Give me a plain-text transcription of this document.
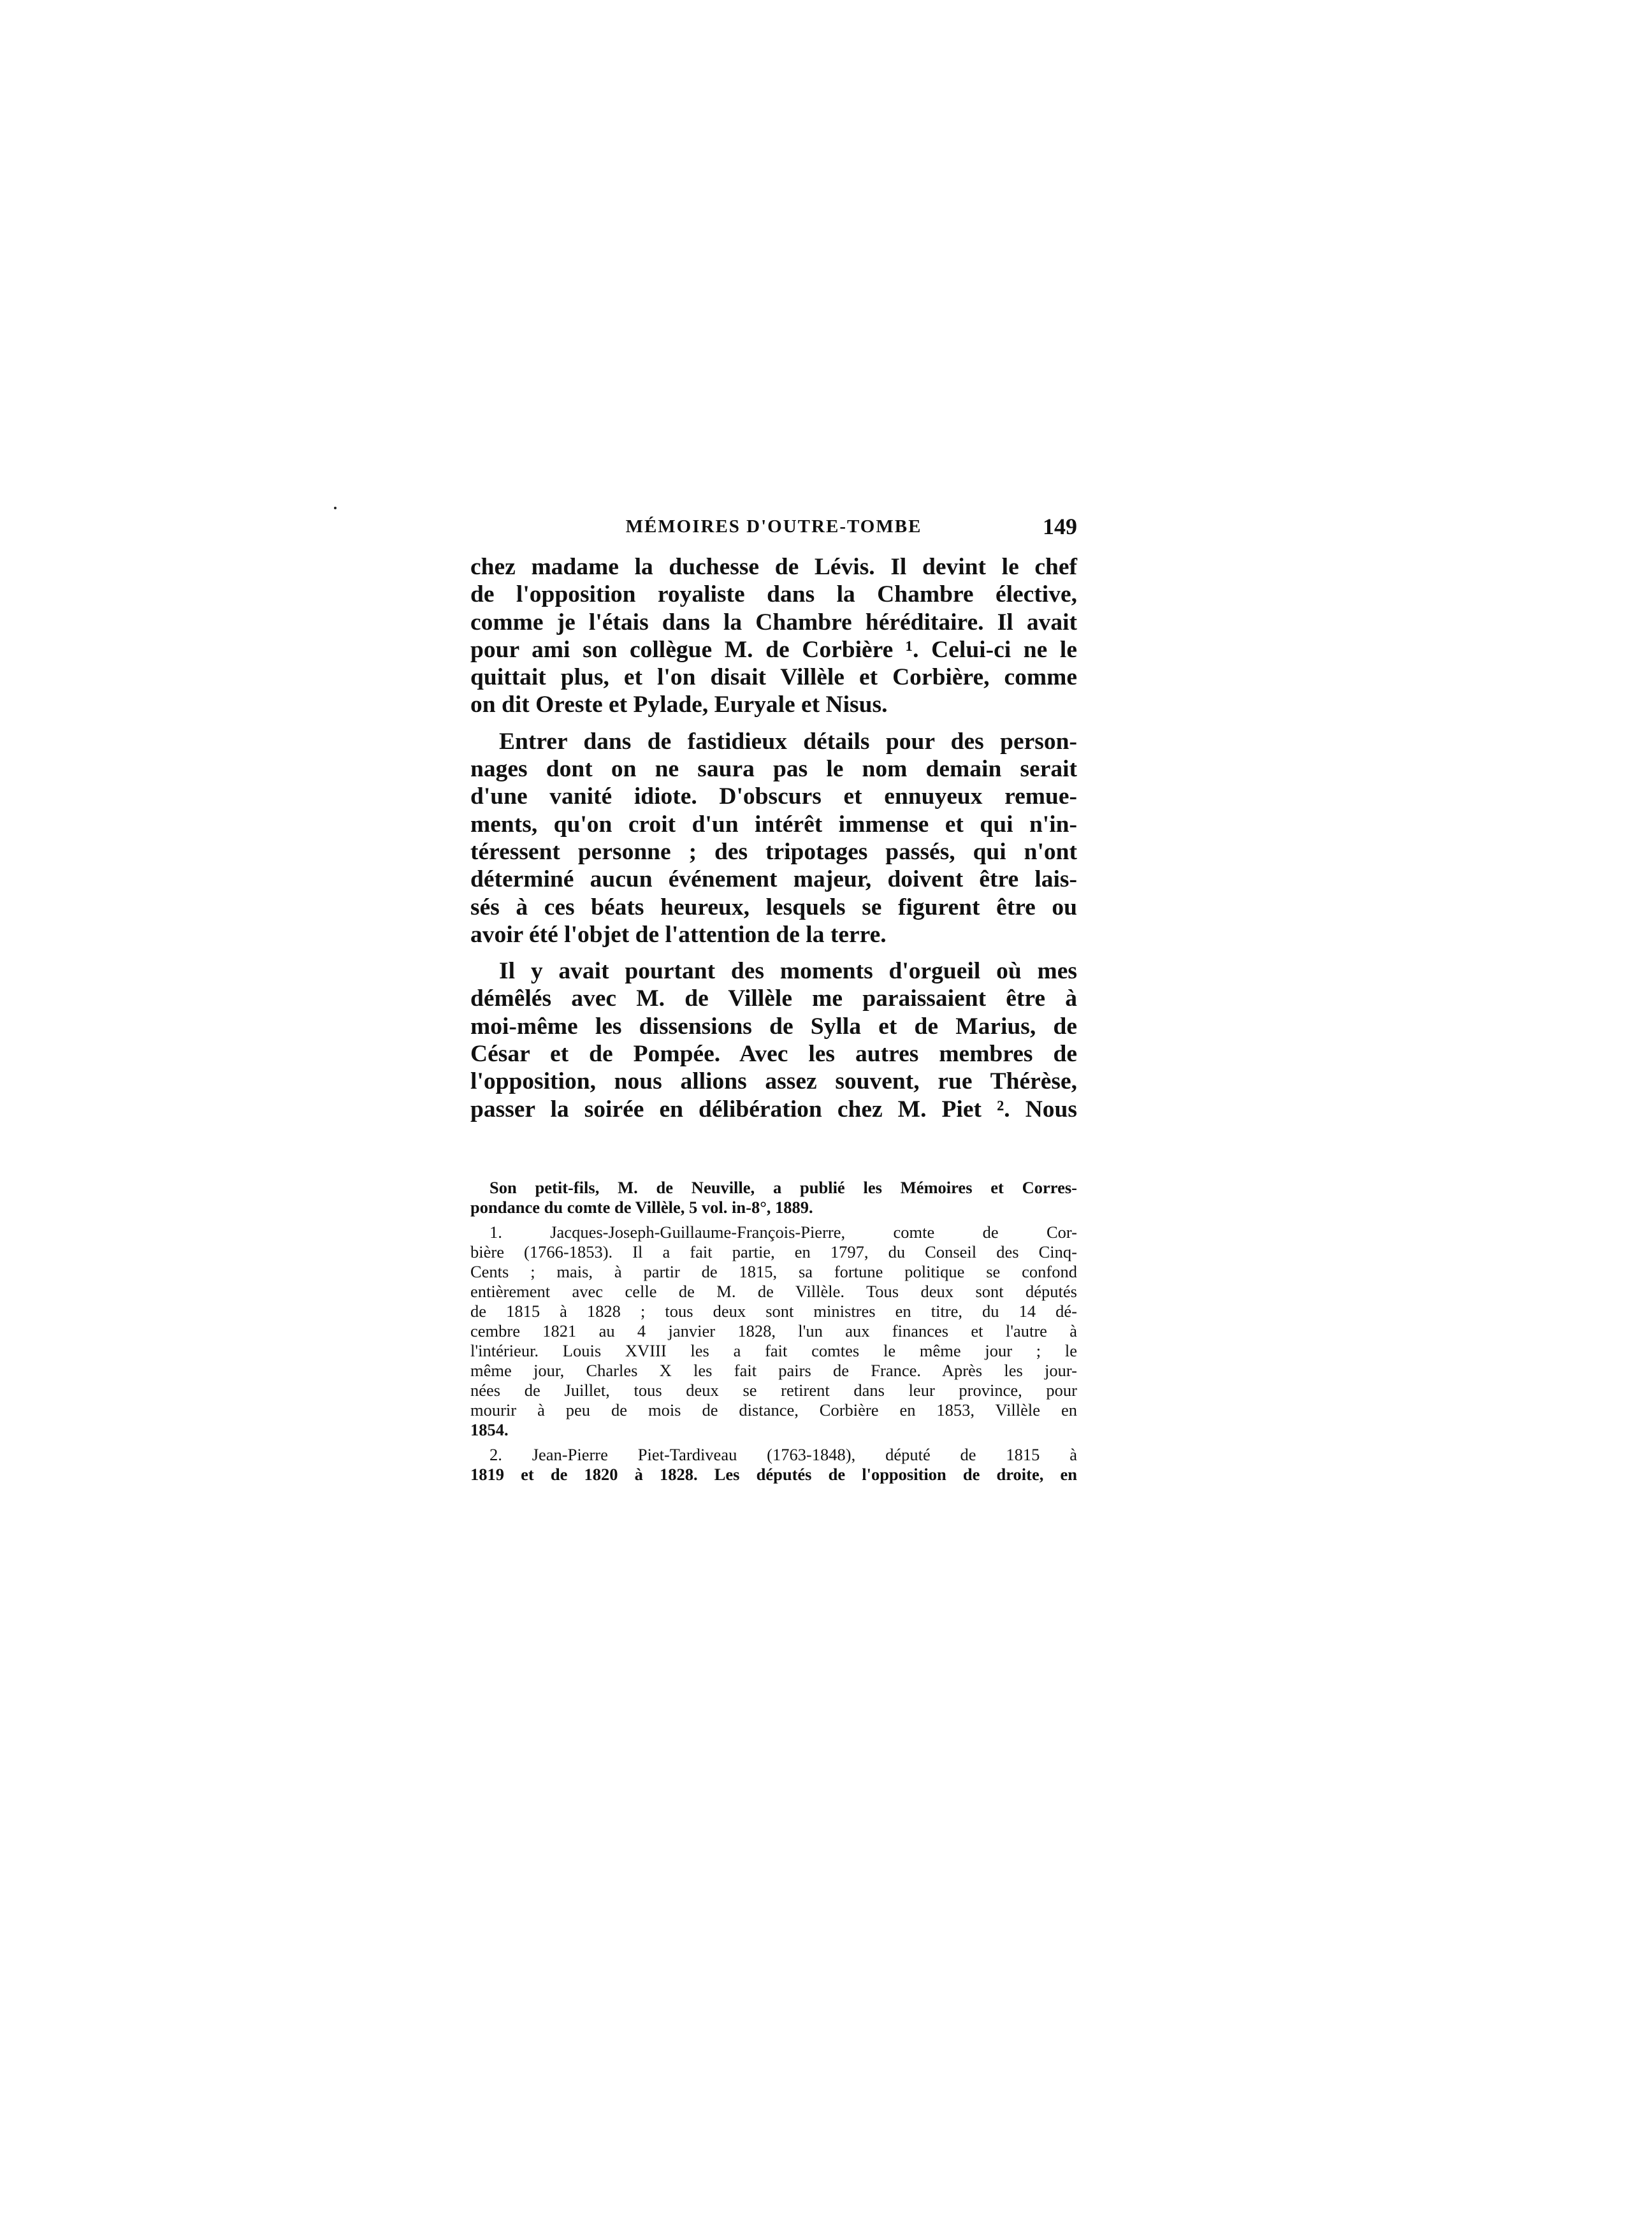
MÉMOIRES D'OUTRE-TOMBE	149
chez madame la duchesse de Lévis. Il devint le chef
de l'opposition royaliste dans la Chambre élective,
comme je l'étais dans la Chambre héréditaire. Il avait
pour ami son collègue M. de Corbière ¹. Celui-ci ne le
quittait plus, et l'on disait Villèle et Corbière, comme
on dit Oreste et Pylade, Euryale et Nisus.
Entrer dans de fastidieux détails pour des person-
nages dont on ne saura pas le nom demain serait
d'une vanité idiote. D'obscurs et ennuyeux remue-
ments, qu'on croit d'un intérêt immense et qui n'in-
téressent personne ; des tripotages passés, qui n'ont
déterminé aucun événement majeur, doivent être lais-
sés à ces béats heureux, lesquels se figurent être ou
avoir été l'objet de l'attention de la terre.
Il y avait pourtant des moments d'orgueil où mes
démêlés avec M. de Villèle me paraissaient être à
moi-même les dissensions de Sylla et de Marius, de
César et de Pompée. Avec les autres membres de
l'opposition, nous allions assez souvent, rue Thérèse,
passer la soirée en délibération chez M. Piet ². Nous
Son petit-fils, M. de Neuville, a publié les Mémoires et Corres-
pondance du comte de Villèle, 5 vol. in-8°, 1889.
1. Jacques-Joseph-Guillaume-François-Pierre, comte de Cor-
bière (1766-1853). Il a fait partie, en 1797, du Conseil des Cinq-
Cents ; mais, à partir de 1815, sa fortune politique se confond
entièrement avec celle de M. de Villèle. Tous deux sont députés
de 1815 à 1828 ; tous deux sont ministres en titre, du 14 dé-
cembre 1821 au 4 janvier 1828, l'un aux finances et l'autre à
l'intérieur. Louis XVIII les a fait comtes le même jour ; le
même jour, Charles X les fait pairs de France. Après les jour-
nées de Juillet, tous deux se retirent dans leur province, pour
mourir à peu de mois de distance, Corbière en 1853, Villèle en
1854.
2. Jean-Pierre Piet-Tardiveau (1763-1848), député de 1815 à
1819 et de 1820 à 1828. Les députés de l'opposition de droite, en
